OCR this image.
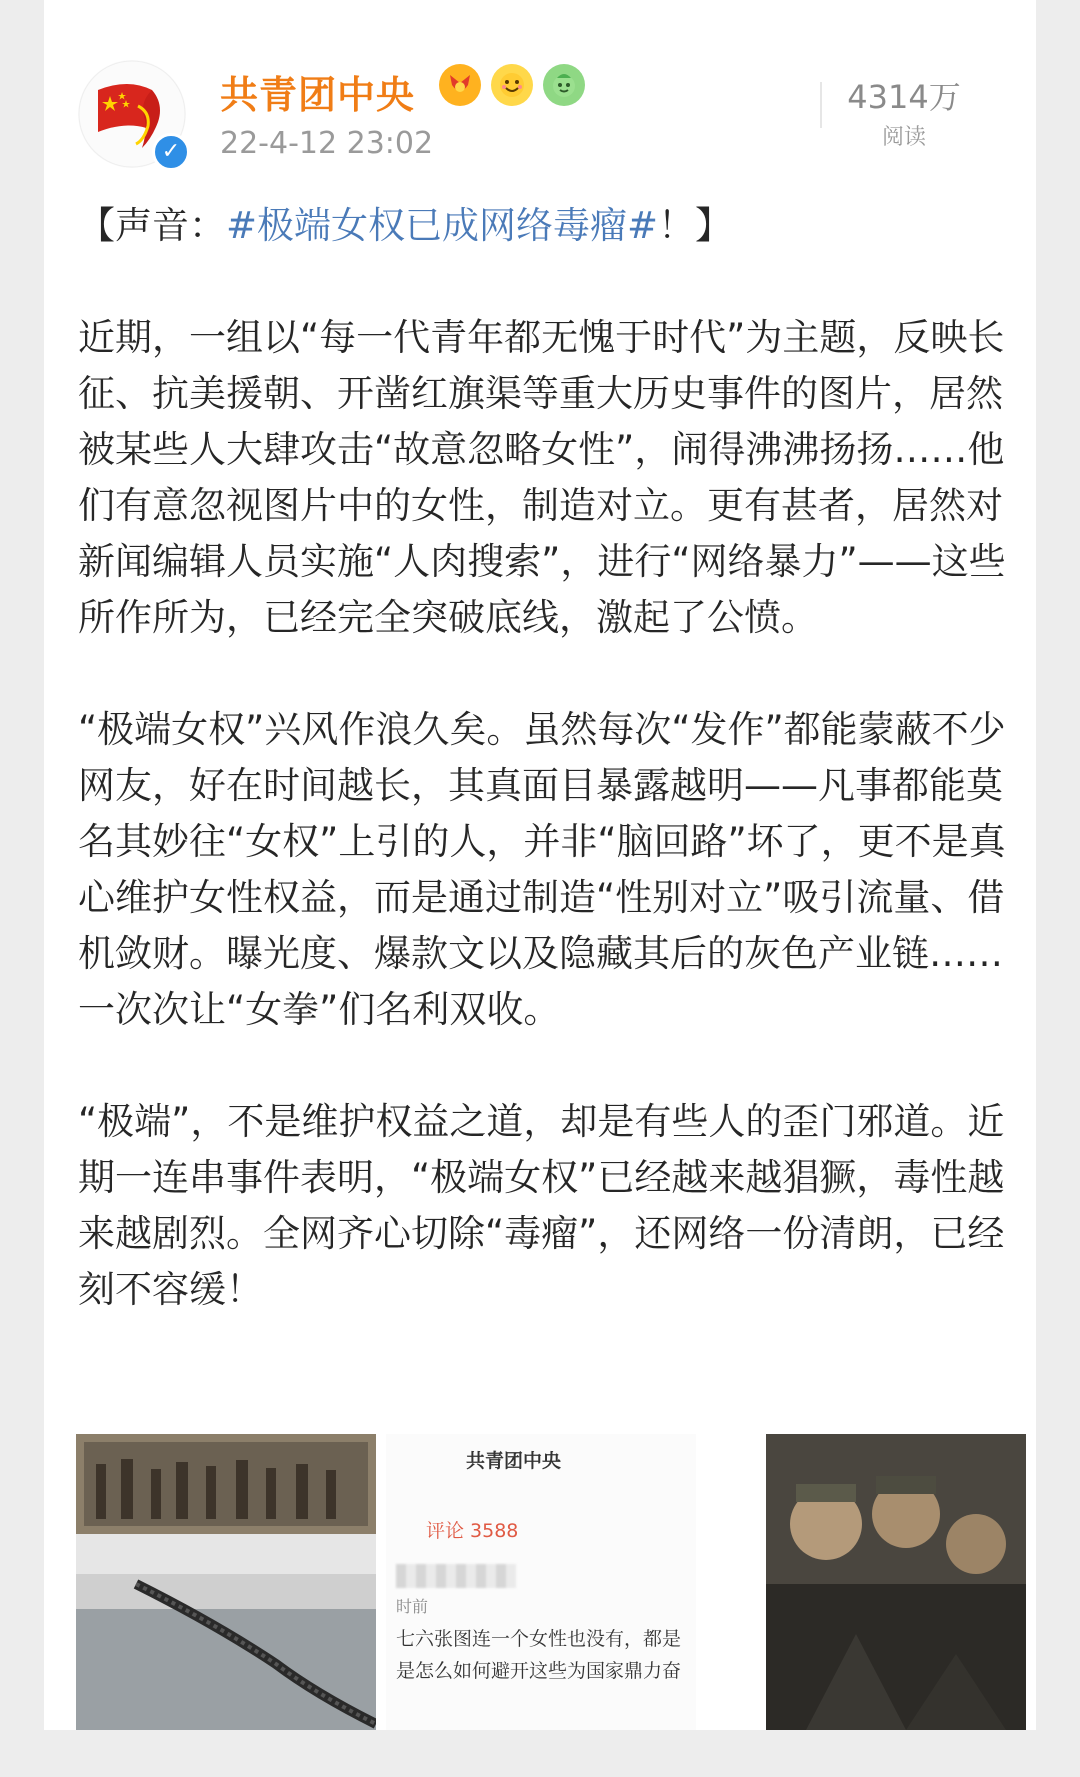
✓
共青团中央
22-4-12 23:02
4314万
阅读
【声音：#极端女权已成网络毒瘤#！】

近期，一组以“每一代青年都无愧于时代”为主题，反映长征、抗美援朝、开凿红旗渠等重大历史事件的图片，居然被某些人大肆攻击“故意忽略女性”，闹得沸沸扬扬……他们有意忽视图片中的女性，制造对立。更有甚者，居然对新闻编辑人员实施“人肉搜索”，进行“网络暴力”——这些所作所为，已经完全突破底线，激起了公愤。

“极端女权”兴风作浪久矣。虽然每次“发作”都能蒙蔽不少网友，好在时间越长，其真面目暴露越明——凡事都能莫名其妙往“女权”上引的人，并非“脑回路”坏了，更不是真心维护女性权益，而是通过制造“性别对立”吸引流量、借机敛财。曝光度、爆款文以及隐藏其后的灰色产业链……一次次让“女拳”们名利双收。

“极端”，不是维护权益之道，却是有些人的歪门邪道。近期一连串事件表明，“极端女权”已经越来越猖獗，毒性越来越剧烈。全网齐心切除“毒瘤”，还网络一份清朗，已经刻不容缓！

共青团中央
评论 3588
时前
七六张图连一个女性也没有，都是
是怎么如何避开这些为国家鼎力奋
